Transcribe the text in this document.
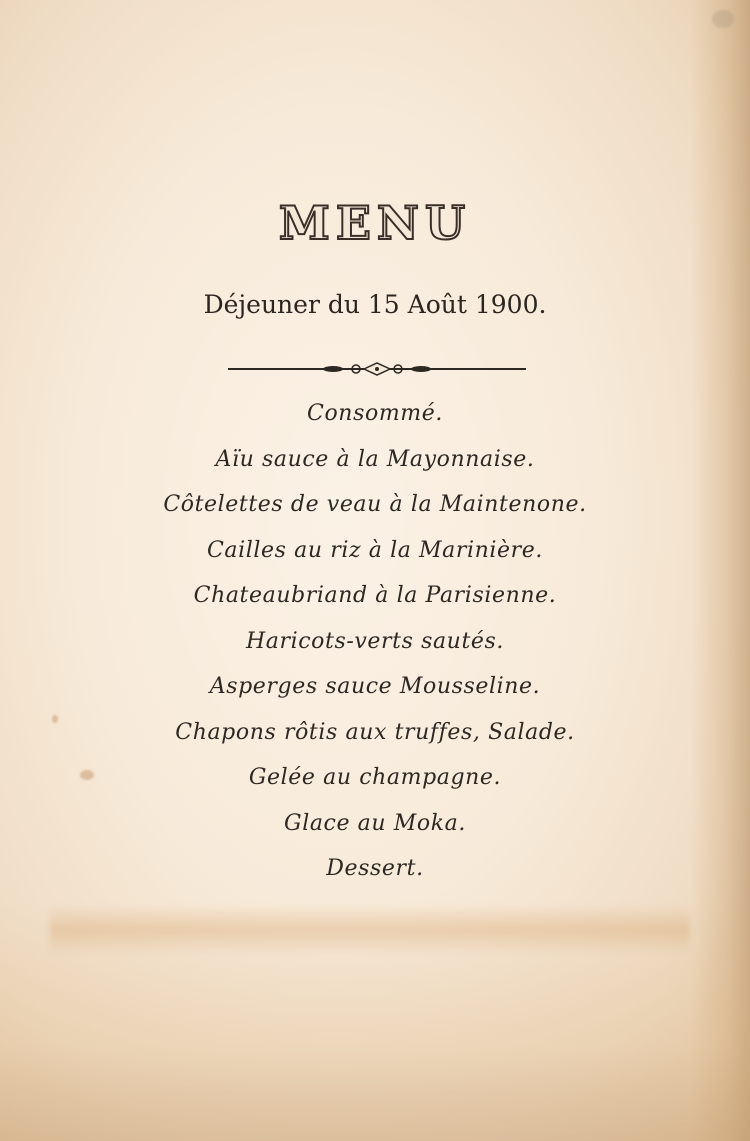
MENU
Déjeuner du 15 Août 1900.
Consommé.
Aïu sauce à la Mayonnaise.
Côtelettes de veau à la Maintenone.
Cailles au riz à la Marinière.
Chateaubriand à la Parisienne.
Haricots-verts sautés.
Asperges sauce Mousseline.
Chapons rôtis aux truffes, Salade.
Gelée au champagne.
Glace au Moka.
Dessert.
